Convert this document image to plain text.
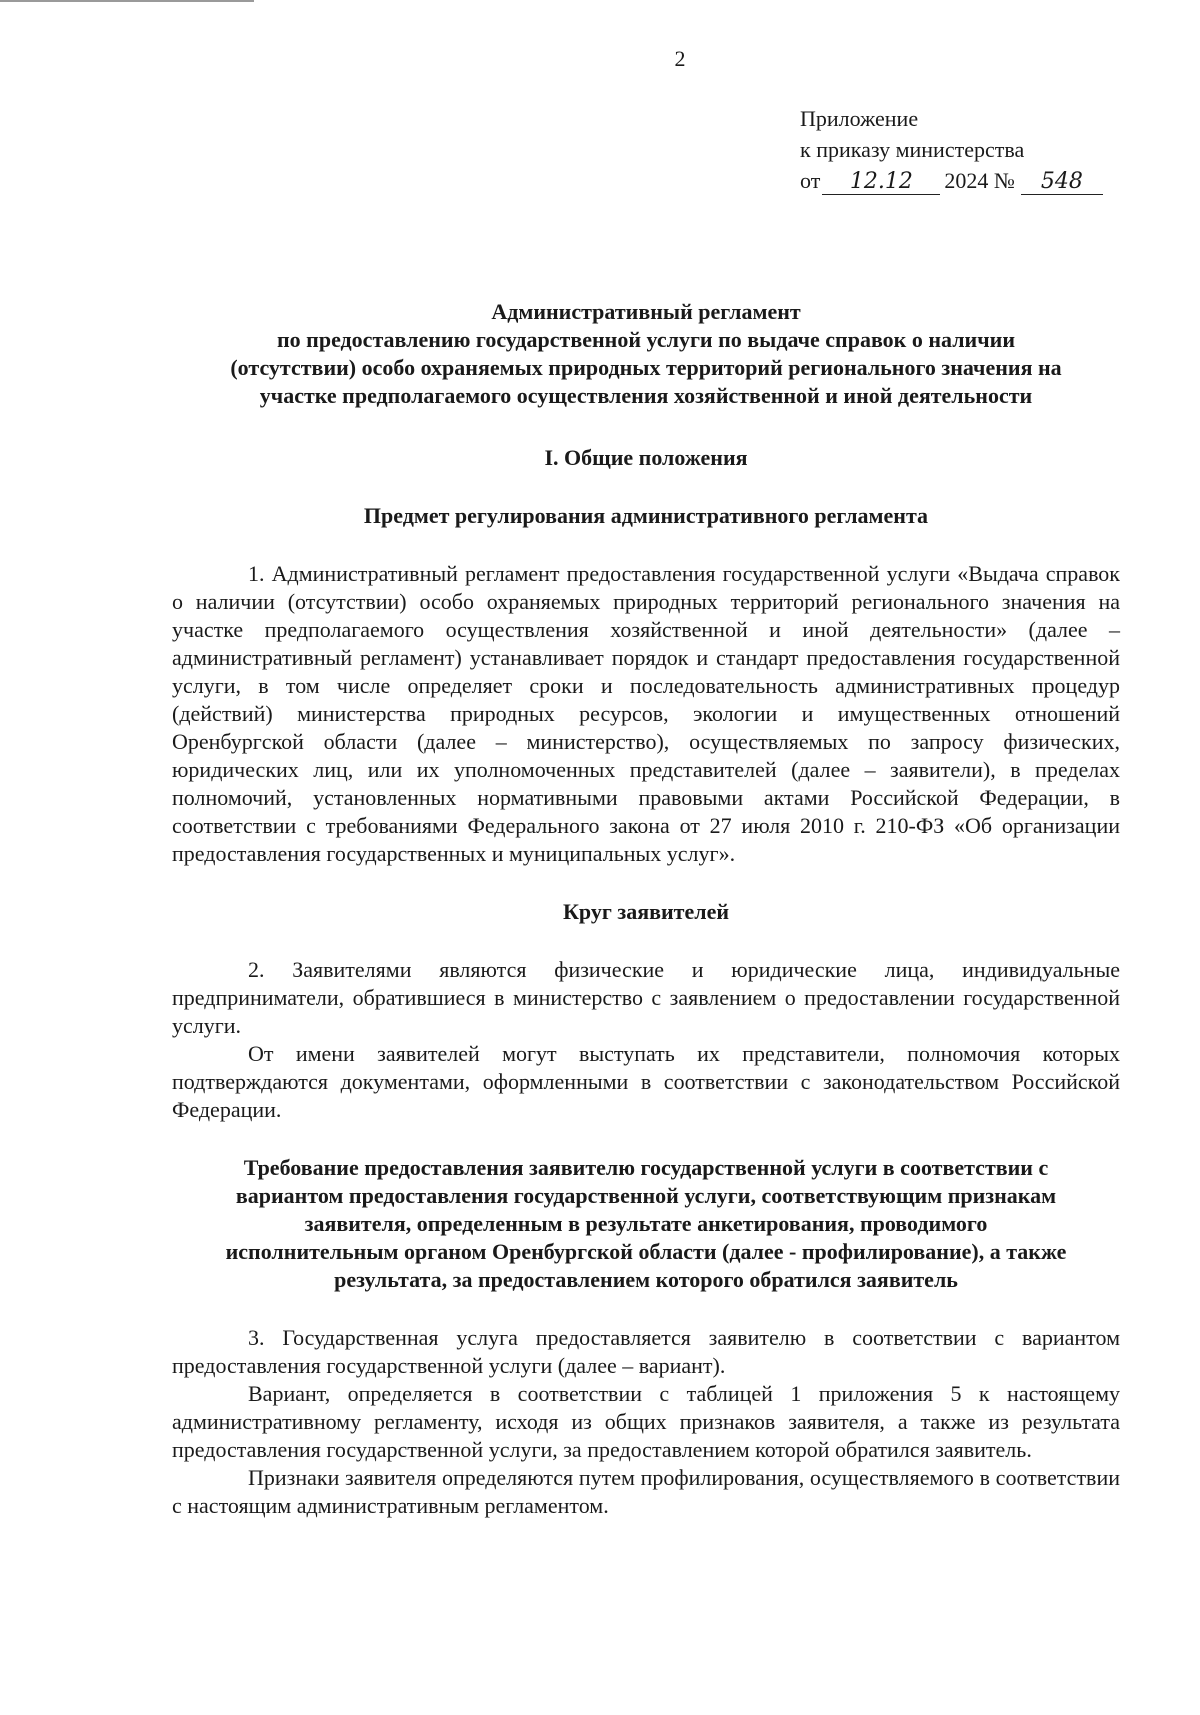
2
Приложение
к приказу министерства
от 12.12 2024 № 548
Административный регламент
по предоставлению государственной услуги по выдаче справок о наличии
(отсутствии) особо охраняемых природных территорий регионального значения на
участке предполагаемого осуществления хозяйственной и иной деятельности
I. Общие положения
Предмет регулирования административного регламента

1. Административный регламент предоставления государственной услуги «Выдача справок о наличии (отсутствии) особо охраняемых природных территорий регионального значения на участке предполагаемого осуществления хозяйственной и иной деятельности» (далее – административный регламент) устанавливает порядок и стандарт предоставления государственной услуги, в том числе определяет сроки и последовательность административных процедур (действий) министерства природных ресурсов, экологии и имущественных отношений Оренбургской области (далее – министерство), осуществляемых по запросу физических, юридических лиц, или их уполномоченных представителей (далее – заявители), в пределах полномочий, установленных нормативными правовыми актами Российской Федерации, в соответствии с требованиями Федерального закона от 27 июля 2010 г. 210-ФЗ «Об организации предоставления государственных и муниципальных услуг».

Круг заявителей

2. Заявителями являются физические и юридические лица, индивидуальные предприниматели, обратившиеся в министерство с заявлением о предоставлении государственной услуги.

От имени заявителей могут выступать их представители, полномочия которых подтверждаются документами, оформленными в соответствии с законодательством Российской Федерации.

Требование предоставления заявителю государственной услуги в соответствии с
вариантом предоставления государственной услуги, соответствующим признакам
заявителя, определенным в результате анкетирования, проводимого
исполнительным органом Оренбургской области (далее - профилирование), а также
результата, за предоставлением которого обратился заявитель

3. Государственная услуга предоставляется заявителю в соответствии с вариантом предоставления государственной услуги (далее – вариант).

Вариант, определяется в соответствии с таблицей 1 приложения 5 к настоящему административному регламенту, исходя из общих признаков заявителя, а также из результата предоставления государственной услуги, за предоставлением которой обратился заявитель.

Признаки заявителя определяются путем профилирования, осуществляемого в соответствии с настоящим административным регламентом.
